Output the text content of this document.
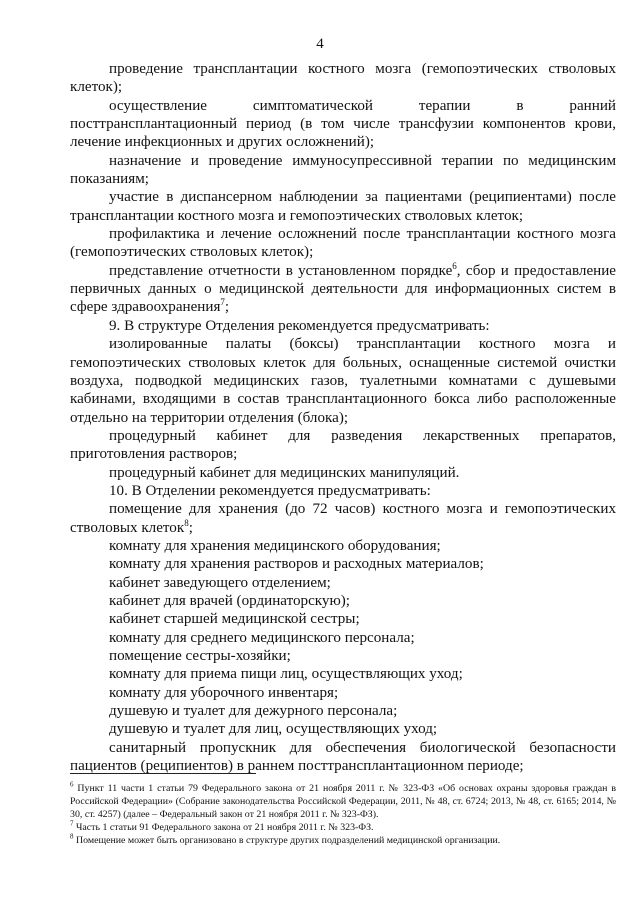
4

проведение трансплантации костного мозга (гемопоэтических стволовых клеток);

осуществление симптоматической терапии в ранний посттрансплантационный период (в том числе трансфузии компонентов крови, лечение инфекционных и других осложнений);

назначение и проведение иммуносупрессивной терапии по медицинским показаниям;

участие в диспансерном наблюдении за пациентами (реципиентами) после трансплантации костного мозга и гемопоэтических стволовых клеток;

профилактика и лечение осложнений после трансплантации костного мозга (гемопоэтических стволовых клеток);

представление отчетности в установленном порядке$^6$, сбор и предоставление первичных данных о медицинской деятельности для информационных систем в сфере здравоохранения$^7$;

9. В структуре Отделения рекомендуется предусматривать:

изолированные палаты (боксы) трансплантации костного мозга и гемопоэтических стволовых клеток для больных, оснащенные системой очистки воздуха, подводкой медицинских газов, туалетными комнатами с душевыми кабинами, входящими в состав трансплантационного бокса либо расположенные отдельно на территории отделения (блока);

процедурный кабинет для разведения лекарственных препаратов, приготовления растворов;

процедурный кабинет для медицинских манипуляций.

10. В Отделении рекомендуется предусматривать:

помещение для хранения (до 72 часов) костного мозга и гемопоэтических стволовых клеток$^8$;

комнату для хранения медицинского оборудования;

комнату для хранения растворов и расходных материалов;

кабинет заведующего отделением;

кабинет для врачей (ординаторскую);

кабинет старшей медицинской сестры;

комнату для среднего медицинского персонала;

помещение сестры-хозяйки;

комнату для приема пищи лиц, осуществляющих уход;

комнату для уборочного инвентаря;

душевую и туалет для дежурного персонала;

душевую и туалет для лиц, осуществляющих уход;

санитарный пропускник для обеспечения биологической безопасности пациентов (реципиентов) в раннем посттрансплантационном периоде;

$^6$ Пункт 11 части 1 статьи 79 Федерального закона от 21 ноября 2011 г. № 323-ФЗ «Об основах охраны здоровья граждан в Российской Федерации» (Собрание законодательства Российской Федерации, 2011, № 48, ст. 6724; 2013, № 48, ст. 6165; 2014, № 30, ст. 4257) (далее – Федеральный закон от 21 ноября 2011 г. № 323-ФЗ).

$^7$ Часть 1 статьи 91 Федерального закона от 21 ноября 2011 г. № 323-ФЗ.

$^8$ Помещение может быть организовано в структуре других подразделений медицинской организации.
